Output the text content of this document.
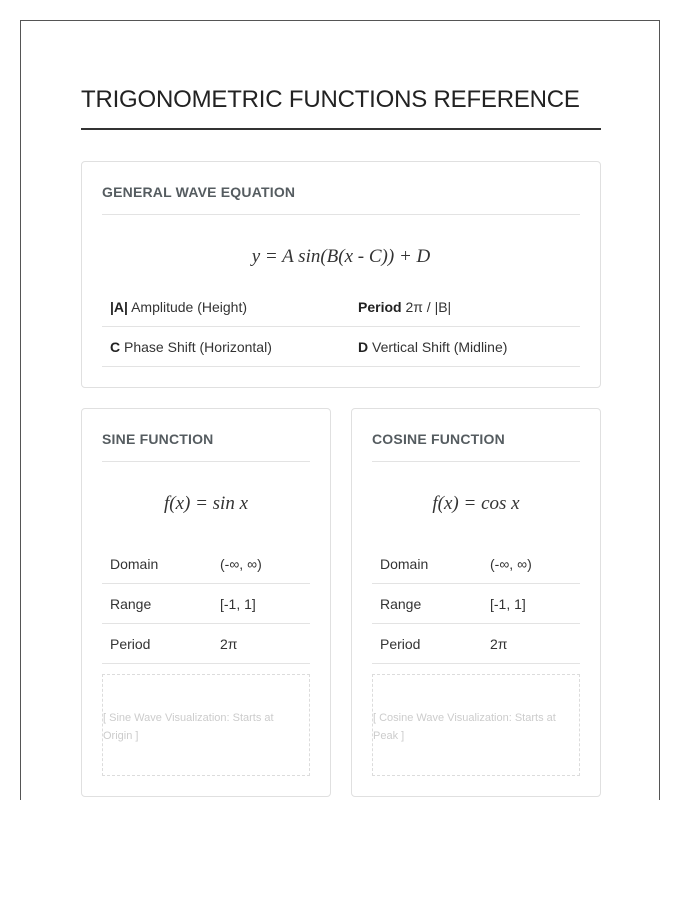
TRIGONOMETRIC FUNCTIONS REFERENCE
GENERAL WAVE EQUATION
y = A sin(B(x - C)) + D
|A| Amplitude (Height)	Period 2π / |B|
C Phase Shift (Horizontal)	D Vertical Shift (Midline)
SINE FUNCTION
f(x) = sin x
Domain	(-∞, ∞)
Range	[-1, 1]
Period	2π
[ Sine Wave Visualization: Starts at Origin ]
COSINE FUNCTION
f(x) = cos x
Domain	(-∞, ∞)
Range	[-1, 1]
Period	2π
[ Cosine Wave Visualization: Starts at Peak ]
